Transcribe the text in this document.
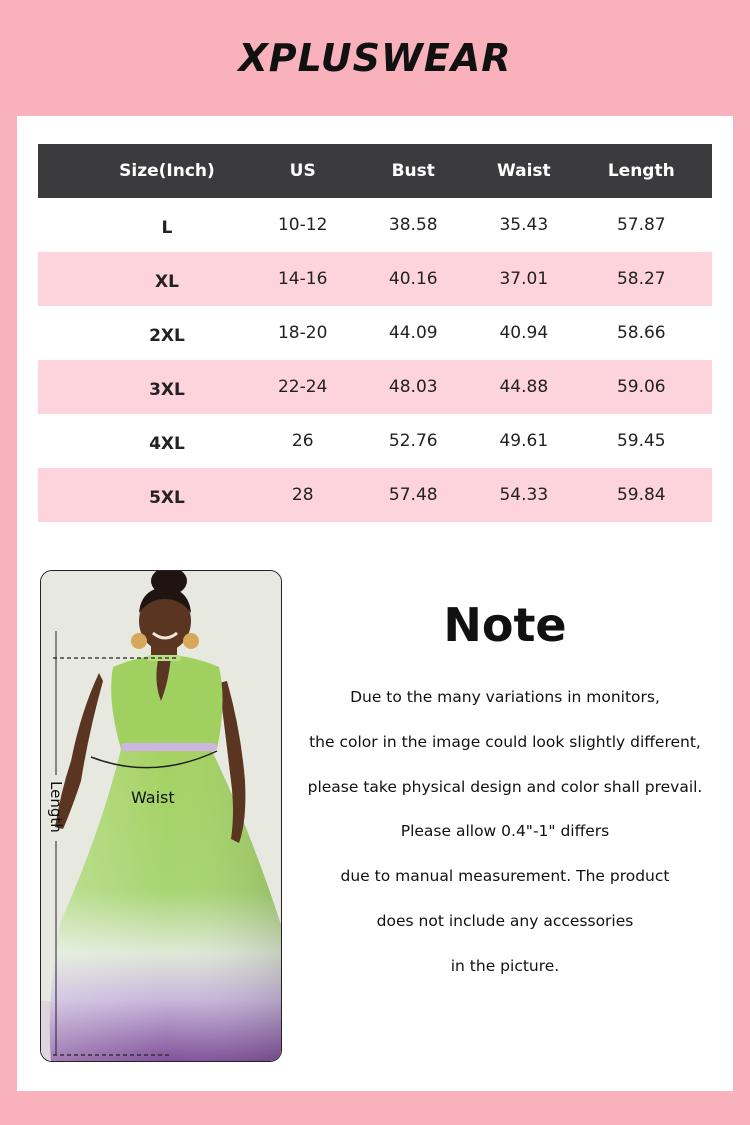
XPLUSWEAR
Size(Inch)	US	Bust	Waist	Length
L	10-12	38.58	35.43	57.87
XL	14-16	40.16	37.01	58.27
2XL	18-20	44.09	40.94	58.66
3XL	22-24	48.03	44.88	59.06
4XL	26	52.76	49.61	59.45
5XL	28	57.48	54.33	59.84
Waist
Length
Note
Due to the many variations in monitors,
the color in the image could look slightly different,
please take physical design and color shall prevail.
Please allow 0.4"-1" differs
due to manual measurement. The product
does not include any accessories
in the picture.
